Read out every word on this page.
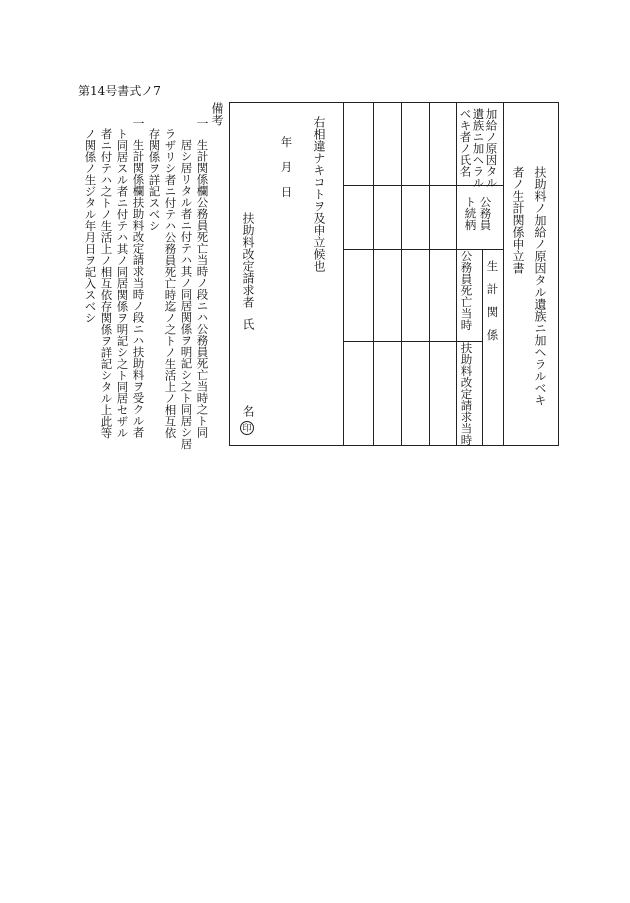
第14号書式ノ7
扶助料ノ加給ノ原因タル遺族ニ加ヘラルベキ
者ノ生計関係申立書
加給ノ原因タル
遺族ニ加ヘラル
ベキ者ノ氏名
公務員
ト続柄
生　計　関　係
公務員死亡当時
扶助料改定請求当時
右相違ナキコトヲ及申立候也
年
月
日
扶助料改定請求者
氏
名
印
備考
一
生計関係欄公務員死亡当時ノ段ニハ公務員死亡当時之ト同
居シ居リタル者ニ付テハ其ノ同居関係ヲ明記シ之ト同居シ居
ラザリシ者ニ付テハ公務員死亡時迄ノ之トノ生活上ノ相互依
存関係ヲ詳記スベシ
一
生計関係欄扶助料改定請求当時ノ段ニハ扶助料ヲ受クル者
ト同居スル者ニ付テハ其ノ同居関係ヲ明記シ之ト同居セザル
者ニ付テハ之トノ生活上ノ相互依存関係ヲ詳記シタル上此等
ノ関係ノ生ジタル年月日ヲ記入スベシ
